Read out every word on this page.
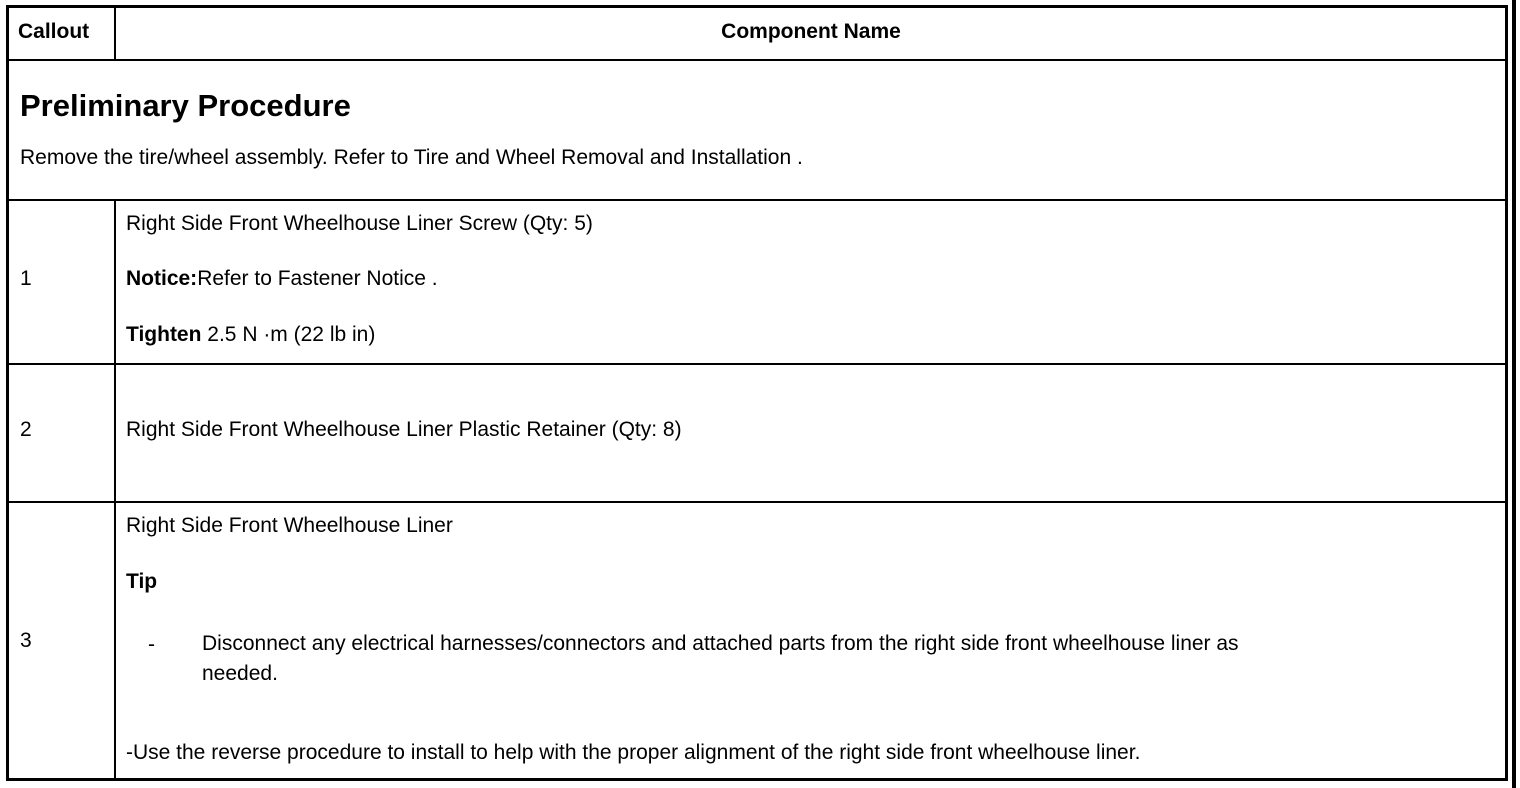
Callout	Component Name
Preliminary Procedure
Remove the tire/wheel assembly. Refer to Tire and Wheel Removal and Installation .
1
Right Side Front Wheelhouse Liner Screw (Qty: 5)
Notice:Refer to Fastener Notice .
Tighten 2.5 N ·m (22 lb in)
2	Right Side Front Wheelhouse Liner Plastic Retainer (Qty: 8)
3
Right Side Front Wheelhouse Liner
Tip
- Disconnect any electrical harnesses/connectors and attached parts from the right side front wheelhouse liner as
needed.
-Use the reverse procedure to install to help with the proper alignment of the right side front wheelhouse liner.
